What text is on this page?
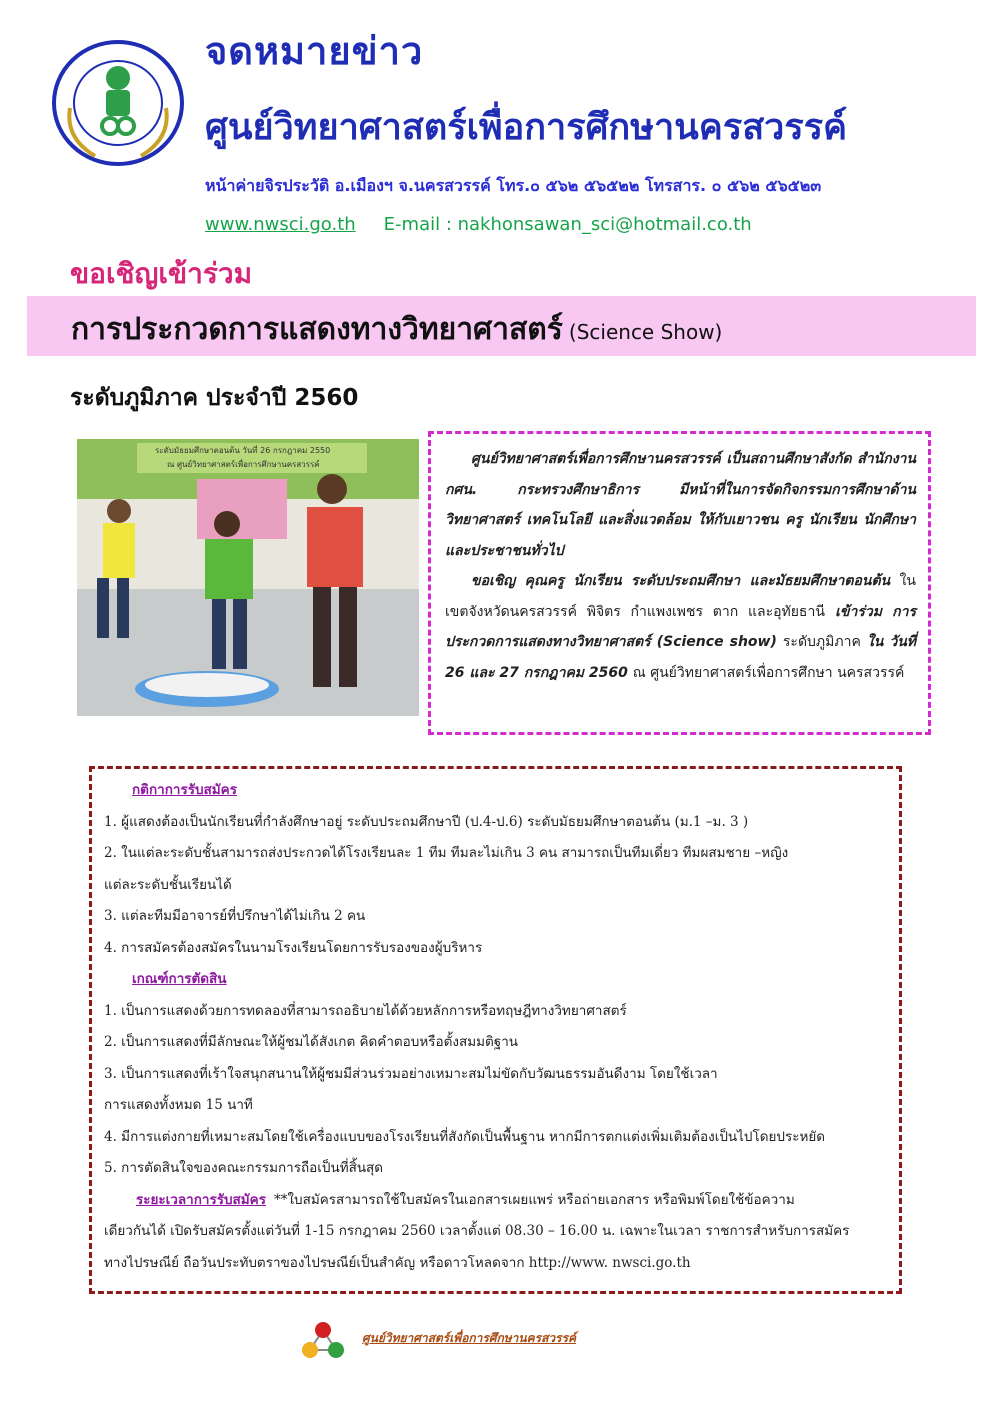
จดหมายข่าว
ศูนย์วิทยาศาสตร์เพื่อการศึกษานครสวรรค์
หน้าค่ายจิรประวัติ อ.เมืองฯ จ.นครสวรรค์ โทร.๐ ๕๖๒ ๕๖๕๒๒ โทรสาร. ๐ ๕๖๒ ๕๖๕๒๓
www.nwsci.go.th E-mail : nakhonsawan_sci@hotmail.co.th
ขอเชิญเข้าร่วม
การประกวดการแสดงทางวิทยาศาสตร์ (Science Show)
ระดับภูมิภาค ประจำปี 2560
ระดับมัธยมศึกษาตอนต้น วันที่ 26 กรกฎาคม 2550
ณ ศูนย์วิทยาศาสตร์เพื่อการศึกษานครสวรรค์	ศูนย์วิทยาศาสตร์เพื่อการศึกษานครสวรรค์ เป็นสถานศึกษาสังกัด สำนักงาน กศน. กระทรวงศึกษาธิการ มีหน้าที่ในการจัดกิจกรรมการศึกษาด้านวิทยาศาสตร์ เทคโนโลยี และสิ่งแวดล้อม ให้กับเยาวชน ครู นักเรียน นักศึกษาและประชาชนทั่วไป

ขอเชิญ คุณครู นักเรียน ระดับประถมศึกษา และมัธยมศึกษาตอนต้น ในเขตจังหวัดนครสวรรค์ พิจิตร กำแพงเพชร ตาก และอุทัยธานี เข้าร่วม การประกวดการแสดงทางวิทยาศาสตร์ (Science show) ระดับภูมิภาค ใน วันที่ 26 และ 27 กรกฎาคม 2560 ณ ศูนย์วิทยาศาสตร์เพื่อการศึกษา นครสวรรค์

กติกาการรับสมัคร
1. ผู้แสดงต้องเป็นนักเรียนที่กำลังศึกษาอยู่ ระดับประถมศึกษาปี (ป.4-ป.6) ระดับมัธยมศึกษาตอนต้น (ม.1 –ม. 3 )
2. ในแต่ละระดับชั้นสามารถส่งประกวดได้โรงเรียนละ 1 ทีม ทีมละไม่เกิน 3 คน สามารถเป็นทีมเดี่ยว ทีมผสมชาย –หญิง
แต่ละระดับชั้นเรียนได้
3. แต่ละทีมมีอาจารย์ที่ปรึกษาได้ไม่เกิน 2 คน
4. การสมัครต้องสมัครในนามโรงเรียนโดยการรับรองของผู้บริหาร
เกณฑ์การตัดสิน
1. เป็นการแสดงด้วยการทดลองที่สามารถอธิบายได้ด้วยหลักการหรือทฤษฎีทางวิทยาศาสตร์
2. เป็นการแสดงที่มีลักษณะให้ผู้ชมได้สังเกต คิดคำตอบหรือตั้งสมมติฐาน
3. เป็นการแสดงที่เร้าใจสนุกสนานให้ผู้ชมมีส่วนร่วมอย่างเหมาะสมไม่ขัดกับวัฒนธรรมอันดีงาม โดยใช้เวลา
การแสดงทั้งหมด 15 นาที
4. มีการแต่งกายที่เหมาะสมโดยใช้เครื่องแบบของโรงเรียนที่สังกัดเป็นพื้นฐาน หากมีการตกแต่งเพิ่มเติมต้องเป็นไปโดยประหยัด
5. การตัดสินใจของคณะกรรมการถือเป็นที่สิ้นสุด
ระยะเวลาการรับสมัคร **ใบสมัครสามารถใช้ใบสมัครในเอกสารเผยแพร่ หรือถ่ายเอกสาร หรือพิมพ์โดยใช้ข้อความ
เดียวกันได้ เปิดรับสมัครตั้งแต่วันที่ 1-15 กรกฎาคม 2560 เวลาตั้งแต่ 08.30 – 16.00 น. เฉพาะในเวลา ราชการสำหรับการสมัคร
ทางไปรษณีย์ ถือวันประทับตราของไปรษณีย์เป็นสำคัญ หรือดาวโหลดจาก http://www. nwsci.go.th
ศูนย์วิทยาศาสตร์เพื่อการศึกษานครสวรรค์
